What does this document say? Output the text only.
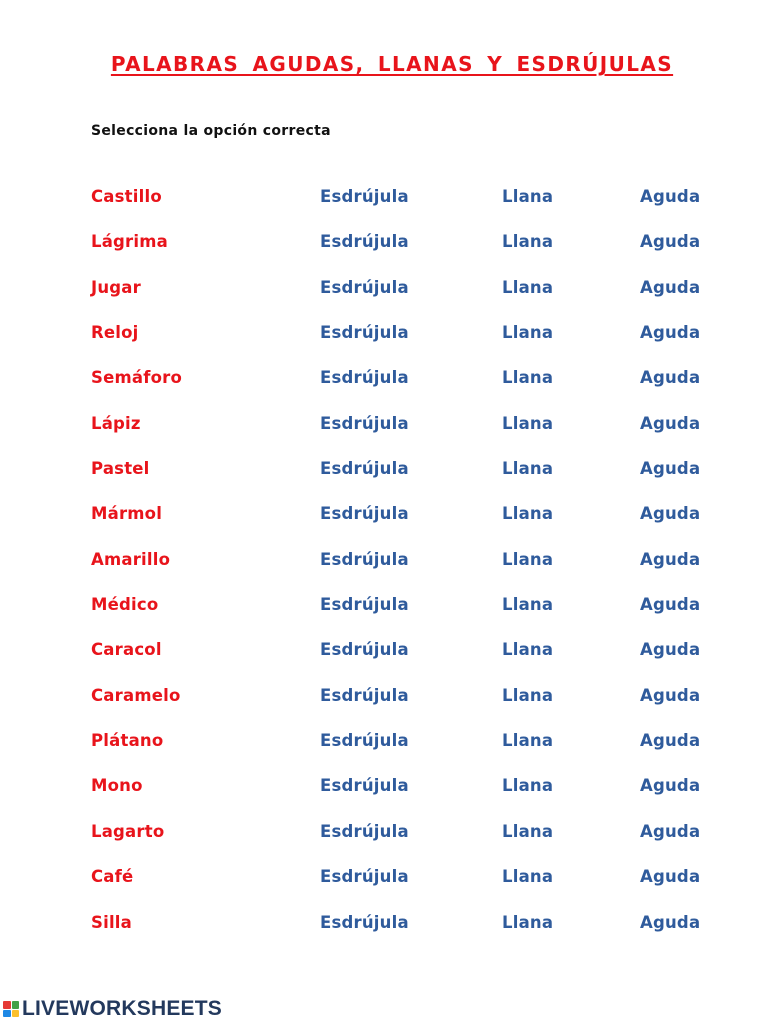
PALABRAS AGUDAS, LLANAS Y ESDRÚJULAS
Selecciona la opción correcta
Castillo	Esdrújula	Llana	Aguda
Lágrima	Esdrújula	Llana	Aguda
Jugar	Esdrújula	Llana	Aguda
Reloj	Esdrújula	Llana	Aguda
Semáforo	Esdrújula	Llana	Aguda
Lápiz	Esdrújula	Llana	Aguda
Pastel	Esdrújula	Llana	Aguda
Mármol	Esdrújula	Llana	Aguda
Amarillo	Esdrújula	Llana	Aguda
Médico	Esdrújula	Llana	Aguda
Caracol	Esdrújula	Llana	Aguda
Caramelo	Esdrújula	Llana	Aguda
Plátano	Esdrújula	Llana	Aguda
Mono	Esdrújula	Llana	Aguda
Lagarto	Esdrújula	Llana	Aguda
Café	Esdrújula	Llana	Aguda
Silla	Esdrújula	Llana	Aguda
LIVEWORKSHEETS
